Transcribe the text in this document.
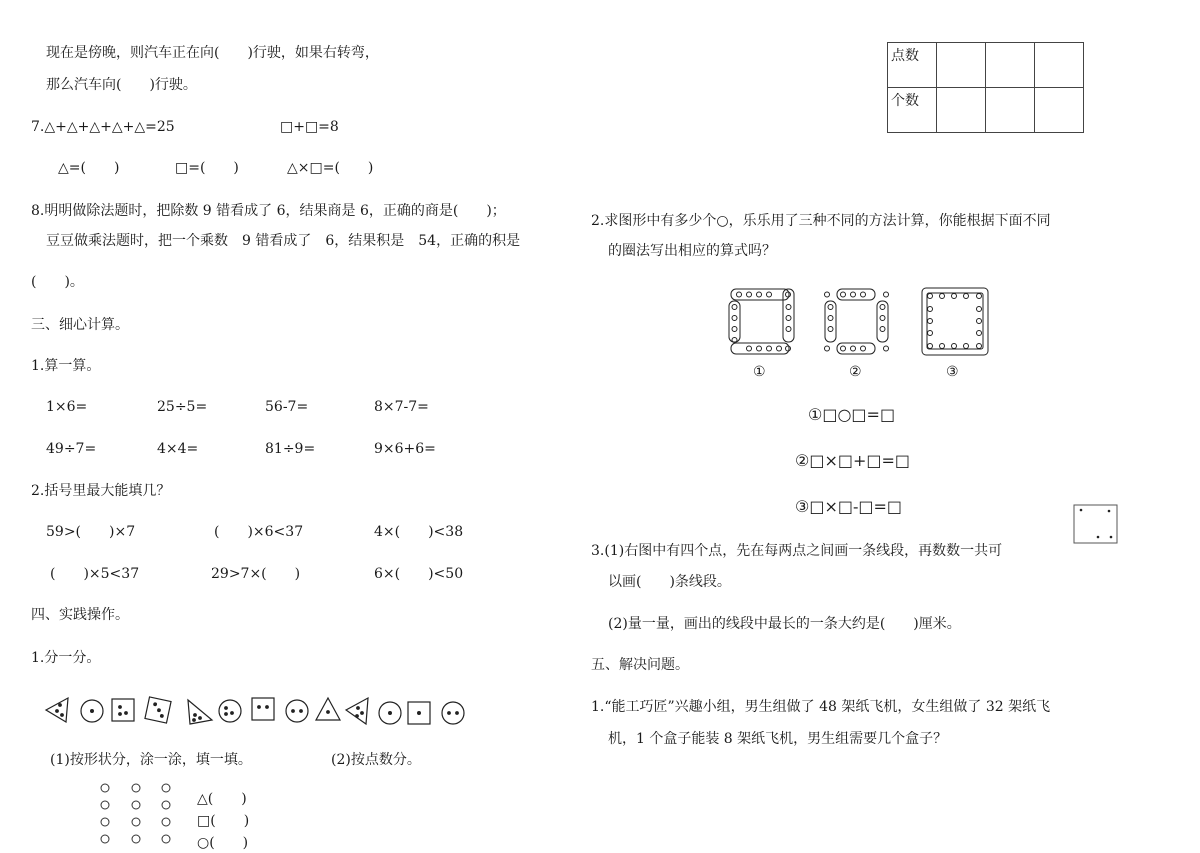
现在是傍晚，则汽车正在向(　　)行驶，如果右转弯，
那么汽车向(　　)行驶。
7.△+△+△+△+△=25	□+□=8
△=(　　)	□=(　　)	△×□=(　　)
8.明明做除法题时，把除数 9 错看成了 6，结果商是 6，正确的商是(　　)；
豆豆做乘法题时，把一个乘数　9 错看成了　6，结果积是　54，正确的积是
(　　)。
三、细心计算。
1.算一算。
1×6=	25÷5=	56-7=	8×7-7=
49÷7=	4×4=	81÷9=	9×6+6=
2.括号里最大能填几？
59>(　　)×7	(　　)×6<37	4×(　　)<38
(　　)×5<37	29>7×(　　)	6×(　　)<50
四、实践操作。
1.分一分。
(1)按形状分，涂一涂，填一填。	(2)按点数分。
△(　　)
□(　　)
○(　　)
点数			
个数			
2.求图形中有多少个○，乐乐用了三种不同的方法计算，你能根据下面不同
的圈法写出相应的算式吗？
①	②	③
①□○□=□
②□×□+□=□
③□×□-□=□
3.(1)右图中有四个点，先在每两点之间画一条线段，再数数一共可
以画(　　)条线段。
(2)量一量，画出的线段中最长的一条大约是(　　)厘米。
五、解决问题。
1.“能工巧匠”兴趣小组，男生组做了 48 架纸飞机，女生组做了 32 架纸飞
机，1 个盒子能装 8 架纸飞机，男生组需要几个盒子？
